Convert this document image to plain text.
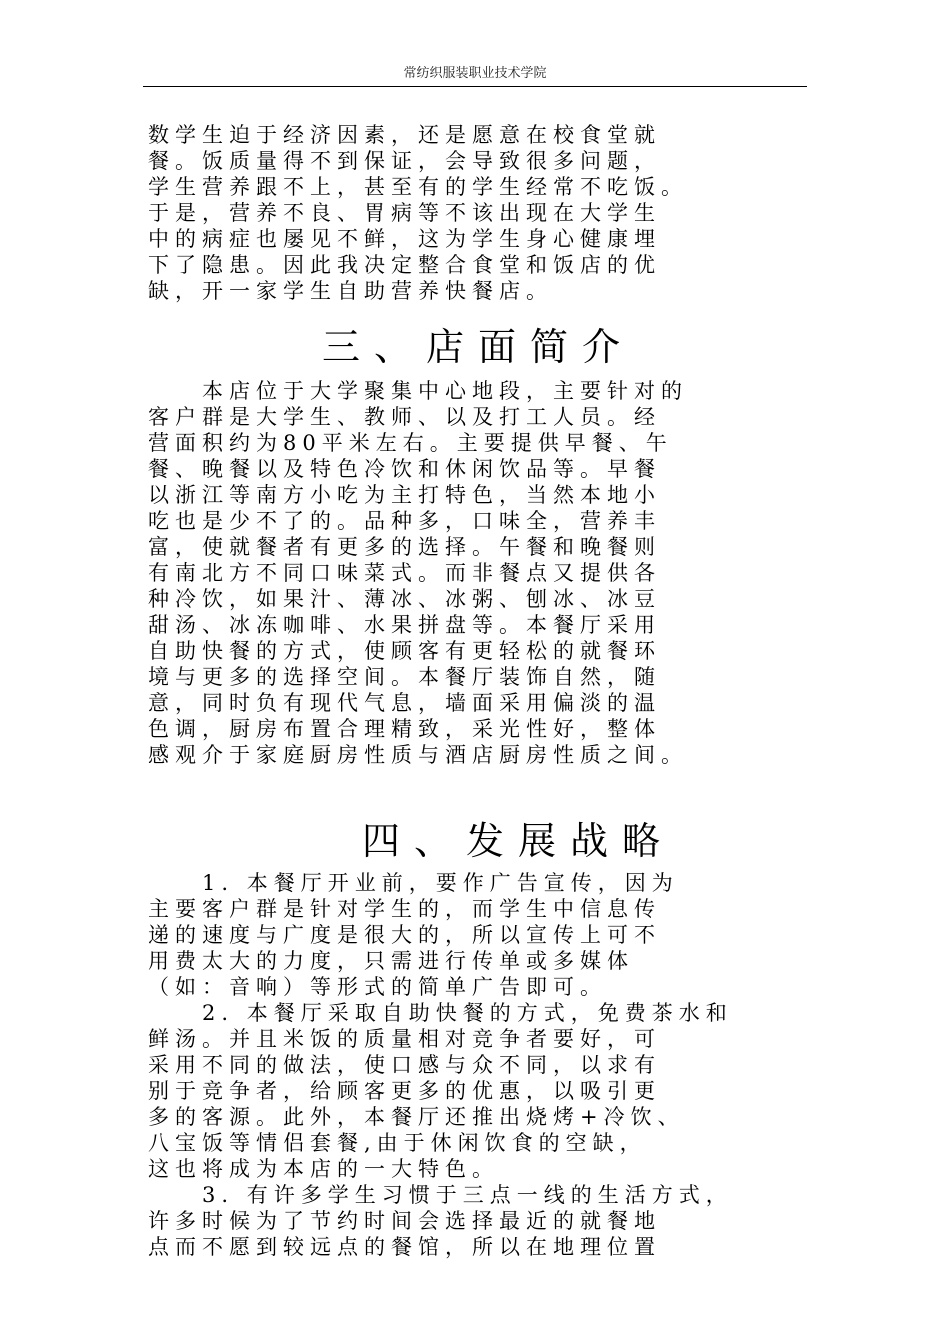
常纺织服装职业技术学院
数学生迫于经济因素，还是愿意在校食堂就
餐。饭质量得不到保证，会导致很多问题，
学生营养跟不上，甚至有的学生经常不吃饭。
于是，营养不良、胃病等不该出现在大学生
中的病症也屡见不鲜，这为学生身心健康埋
下了隐患。因此我决定整合食堂和饭店的优
缺，开一家学生自助营养快餐店。
三、店面简介
本店位于大学聚集中心地段，主要针对的
客户群是大学生、教师、以及打工人员。经
营面积约为80平米左右。主要提供早餐、午
餐、晚餐以及特色冷饮和休闲饮品等。早餐
以浙江等南方小吃为主打特色，当然本地小
吃也是少不了的。品种多，口味全，营养丰
富，使就餐者有更多的选择。午餐和晚餐则
有南北方不同口味菜式。而非餐点又提供各
种冷饮，如果汁、薄冰、冰粥、刨冰、冰豆
甜汤、冰冻咖啡、水果拼盘等。本餐厅采用
自助快餐的方式，使顾客有更轻松的就餐环
境与更多的选择空间。本餐厅装饰自然，随
意，同时负有现代气息，墙面采用偏淡的温
色调，厨房布置合理精致，采光性好，整体
感观介于家庭厨房性质与酒店厨房性质之间。
四、发展战略
1. 本餐厅开业前，要作广告宣传，因为
主要客户群是针对学生的，而学生中信息传
递的速度与广度是很大的，所以宣传上可不
用费太大的力度，只需进行传单或多媒体
（如：音响）等形式的简单广告即可。
2. 本餐厅采取自助快餐的方式，免费茶水和
鲜汤。并且米饭的质量相对竞争者要好，可
采用不同的做法，使口感与众不同，以求有
别于竞争者，给顾客更多的优惠，以吸引更
多的客源。此外，本餐厅还推出烧烤+冷饮、
八宝饭等情侣套餐,由于休闲饮食的空缺，
这也将成为本店的一大特色。
3. 有许多学生习惯于三点一线的生活方式，
许多时候为了节约时间会选择最近的就餐地
点而不愿到较远点的餐馆，所以在地理位置
